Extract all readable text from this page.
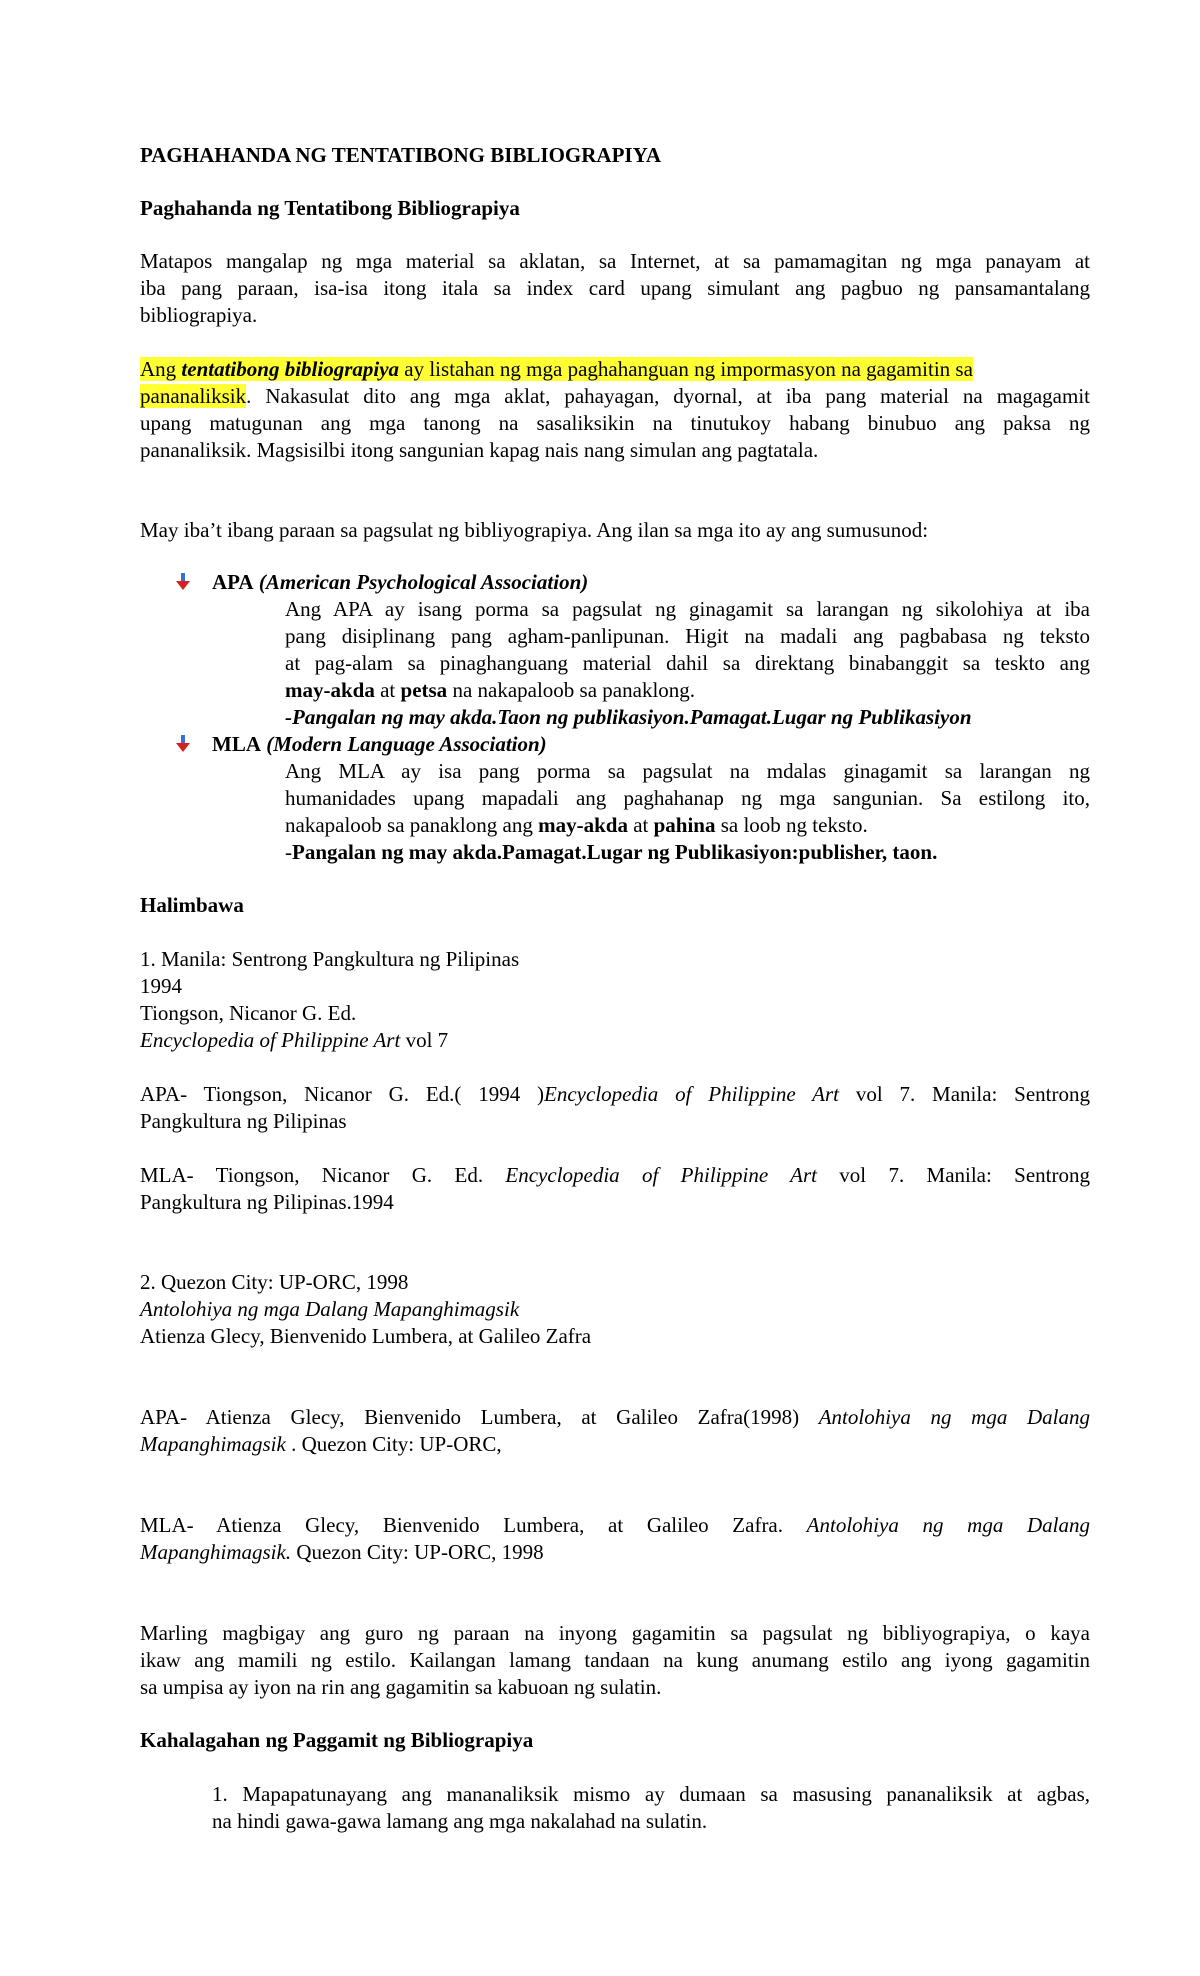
PAGHAHANDA NG TENTATIBONG BIBLIOGRAPIYA

Paghahanda ng Tentatibong Bibliograpiya

Matapos mangalap ng mga material sa aklatan, sa Internet, at sa pamamagitan ng mga panayam at

iba pang paraan, isa-isa itong itala sa index card upang simulant ang pagbuo ng pansamantalang

bibliograpiya.

Ang tentatibong bibliograpiya ay listahan ng mga paghahanguan ng impormasyon na gagamitin sa

pananaliksik. Nakasulat dito ang mga aklat, pahayagan, dyornal, at iba pang material na magagamit

upang matugunan ang mga tanong na sasaliksikin na tinutukoy habang binubuo ang paksa ng

pananaliksik. Magsisilbi itong sangunian kapag nais nang simulan ang pagtatala.

May iba’t ibang paraan sa pagsulat ng bibliyograpiya. Ang ilan sa mga ito ay ang sumusunod:

APA (American Psychological Association)

Ang APA ay isang porma sa pagsulat ng ginagamit sa larangan ng sikolohiya at iba

pang disiplinang pang agham-panlipunan. Higit na madali ang pagbabasa ng teksto

at pag-alam sa pinaghanguang material dahil sa direktang binabanggit sa teskto ang

may-akda at petsa na nakapaloob sa panaklong.

-Pangalan ng may akda.Taon ng publikasiyon.Pamagat.Lugar ng Publikasiyon

MLA (Modern Language Association)

Ang MLA ay isa pang porma sa pagsulat na mdalas ginagamit sa larangan ng

humanidades upang mapadali ang paghahanap ng mga sangunian. Sa estilong ito,

nakapaloob sa panaklong ang may-akda at pahina sa loob ng teksto.

-Pangalan ng may akda.Pamagat.Lugar ng Publikasiyon:publisher, taon.

Halimbawa

1. Manila: Sentrong Pangkultura ng Pilipinas

1994

Tiongson, Nicanor G. Ed.

Encyclopedia of Philippine Art vol 7

APA- Tiongson, Nicanor G. Ed.( 1994 )Encyclopedia of Philippine Art vol 7. Manila: Sentrong

Pangkultura ng Pilipinas

MLA- Tiongson, Nicanor G. Ed. Encyclopedia of Philippine Art vol 7. Manila: Sentrong

Pangkultura ng Pilipinas.1994

2. Quezon City: UP-ORC, 1998

Antolohiya ng mga Dalang Mapanghimagsik

Atienza Glecy, Bienvenido Lumbera, at Galileo Zafra

APA- Atienza Glecy, Bienvenido Lumbera, at Galileo Zafra(1998) Antolohiya ng mga Dalang

Mapanghimagsik . Quezon City: UP-ORC,

MLA- Atienza Glecy, Bienvenido Lumbera, at Galileo Zafra. Antolohiya ng mga Dalang

Mapanghimagsik. Quezon City: UP-ORC, 1998

Marling magbigay ang guro ng paraan na inyong gagamitin sa pagsulat ng bibliyograpiya, o kaya

ikaw ang mamili ng estilo. Kailangan lamang tandaan na kung anumang estilo ang iyong gagamitin

sa umpisa ay iyon na rin ang gagamitin sa kabuoan ng sulatin.

Kahalagahan ng Paggamit ng Bibliograpiya

1. Mapapatunayang ang mananaliksik mismo ay dumaan sa masusing pananaliksik at agbas,

na hindi gawa-gawa lamang ang mga nakalahad na sulatin.
